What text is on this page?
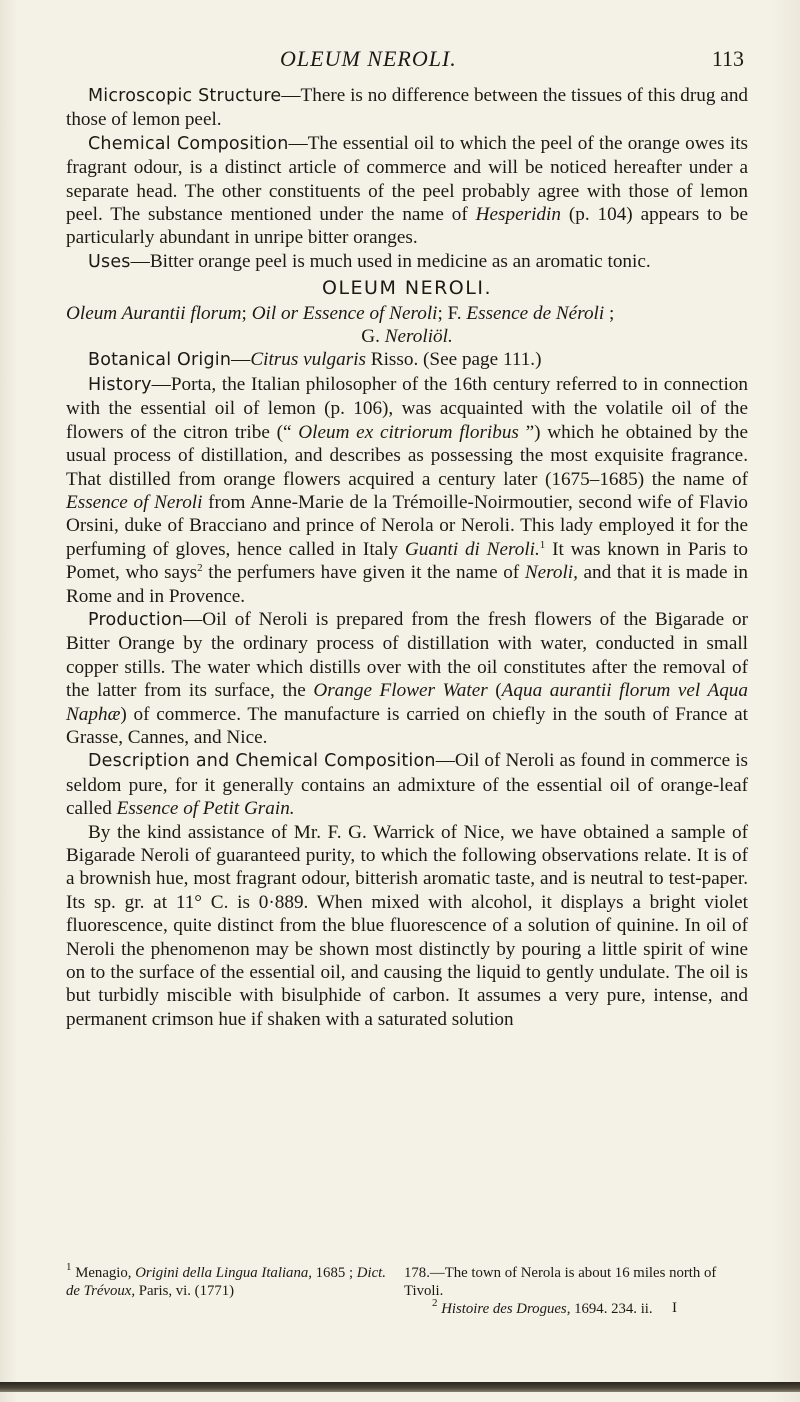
OLEUM NEROLI.	113

Microscopic Structure—There is no difference between the tissues of this drug and those of lemon peel.

Chemical Composition—The essential oil to which the peel of the orange owes its fragrant odour, is a distinct article of commerce and will be noticed hereafter under a separate head. The other constituents of the peel probably agree with those of lemon peel. The substance mentioned under the name of Hesperidin (p. 104) appears to be particularly abundant in unripe bitter oranges.

Uses—Bitter orange peel is much used in medicine as an aromatic tonic.

OLEUM NEROLI.

Oleum Aurantii florum; Oil or Essence of Neroli; F. Essence de Néroli ;

G. Neroliöl.

Botanical Origin—Citrus vulgaris Risso. (See page 111.)

History—Porta, the Italian philosopher of the 16th century referred to in connection with the essential oil of lemon (p. 106), was acquainted with the volatile oil of the flowers of the citron tribe (“ Oleum ex citriorum floribus ”) which he obtained by the usual process of distillation, and describes as possessing the most exquisite fragrance. That distilled from orange flowers acquired a century later (1675–1685) the name of Essence of Neroli from Anne-Marie de la Trémoille-Noirmoutier, second wife of Flavio Orsini, duke of Bracciano and prince of Nerola or Neroli. This lady employed it for the perfuming of gloves, hence called in Italy Guanti di Neroli.$^1$ It was known in Paris to Pomet, who says$^2$ the perfumers have given it the name of Neroli, and that it is made in Rome and in Provence.

Production—Oil of Neroli is prepared from the fresh flowers of the Bigarade or Bitter Orange by the ordinary process of distillation with water, conducted in small copper stills. The water which distills over with the oil constitutes after the removal of the latter from its surface, the Orange Flower Water (Aqua aurantii florum vel Aqua Naphæ) of commerce. The manufacture is carried on chiefly in the south of France at Grasse, Cannes, and Nice.

Description and Chemical Composition—Oil of Neroli as found in commerce is seldom pure, for it generally contains an admixture of the essential oil of orange-leaf called Essence of Petit Grain.

By the kind assistance of Mr. F. G. Warrick of Nice, we have obtained a sample of Bigarade Neroli of guaranteed purity, to which the following observations relate. It is of a brownish hue, most fragrant odour, bitterish aromatic taste, and is neutral to test-paper. Its sp. gr. at 11° C. is 0·889. When mixed with alcohol, it displays a bright violet fluorescence, quite distinct from the blue fluorescence of a solution of quinine. In oil of Neroli the phenomenon may be shown most distinctly by pouring a little spirit of wine on to the surface of the essential oil, and causing the liquid to gently undulate. The oil is but turbidly miscible with bisulphide of carbon. It assumes a very pure, intense, and permanent crimson hue if shaken with a saturated solution

$^1$ Menagio, Origini della Lingua Italiana, 1685 ; Dict. de Trévoux, Paris, vi. (1771)
178.—The town of Nerola is about 16 miles north of Tivoli.
$^2$ Histoire des Drogues, 1694. 234. ii.	I
